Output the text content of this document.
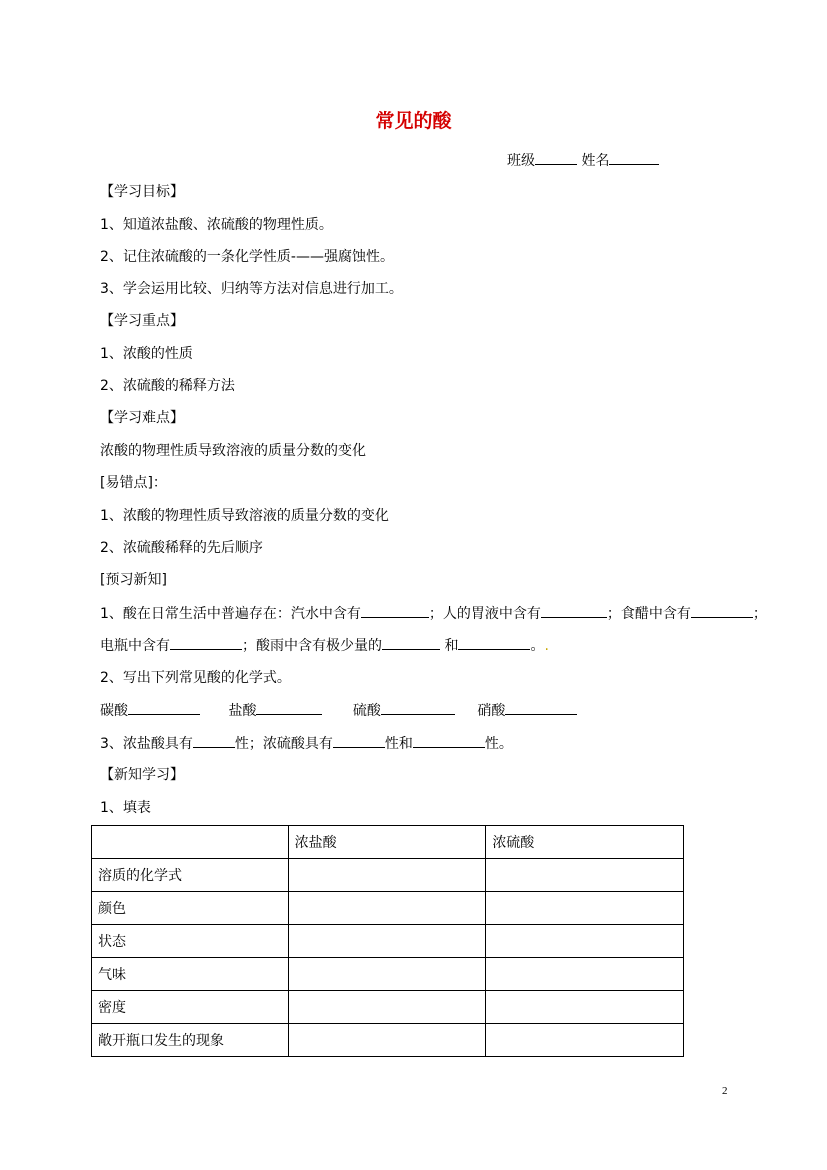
常见的酸
班级	姓名
【学习目标】
1、知道浓盐酸、浓硫酸的物理性质。
2、记住浓硫酸的一条化学性质-——强腐蚀性。
3、学会运用比较、归纳等方法对信息进行加工。
【学习重点】
1、浓酸的性质
2、浓硫酸的稀释方法
【学习难点】
浓酸的物理性质导致溶液的质量分数的变化
[易错点]：
1、浓酸的物理性质导致溶液的质量分数的变化
2、浓硫酸稀释的先后顺序
[预习新知]
1、酸在日常生活中普遍存在：汽水中含有	；人的胃液中含有	；食醋中含有	；
电瓶中含有	；酸雨中含有极少量的	和	。.
2、写出下列常见酸的化学式。
碳酸	盐酸	硫酸	硝酸
3、浓盐酸具有	性；浓硫酸具有	性和	性。
【新知学习】
1、填表
	浓盐酸	浓硫酸
溶质的化学式		
颜色		
状态		
气味		
密度		
敞开瓶口发生的现象		
2
